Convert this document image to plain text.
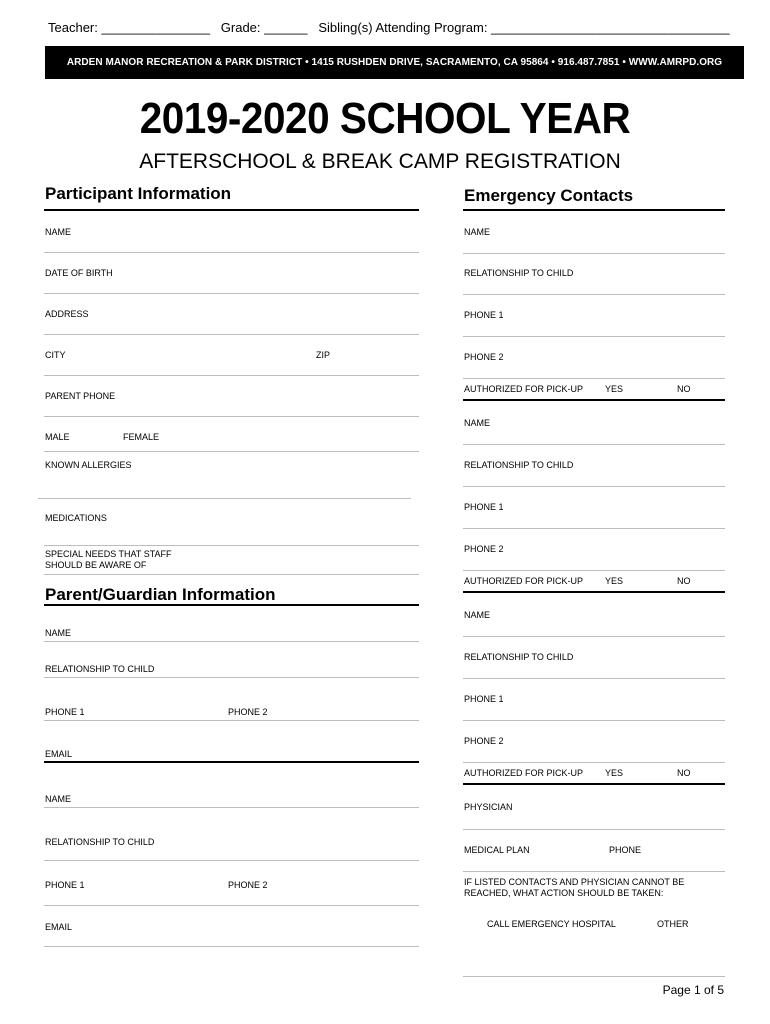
Teacher: _______________ Grade: ______ Sibling(s) Attending Program: _________________________________
ARDEN MANOR RECREATION & PARK DISTRICT • 1415 RUSHDEN DRIVE, SACRAMENTO, CA 95864 • 916.487.7851 • WWW.AMRPD.ORG
2019-2020 SCHOOL YEAR
AFTERSCHOOL & BREAK CAMP REGISTRATION
Participant Information
NAME
DATE OF BIRTH
ADDRESS
CITY	ZIP
PARENT PHONE
MALE	FEMALE
KNOWN ALLERGIES
MEDICATIONS
SPECIAL NEEDS THAT STAFF SHOULD BE AWARE OF
Parent/Guardian Information
NAME
RELATIONSHIP TO CHILD
PHONE 1	PHONE 2
EMAIL
NAME
RELATIONSHIP TO CHILD
PHONE 1	PHONE 2
EMAIL
Emergency Contacts
NAME
RELATIONSHIP TO CHILD
PHONE 1
PHONE 2
AUTHORIZED FOR PICK-UP YES	NO
NAME
RELATIONSHIP TO CHILD
PHONE 1
PHONE 2
AUTHORIZED FOR PICK-UP YES	NO
NAME
RELATIONSHIP TO CHILD
PHONE 1
PHONE 2
AUTHORIZED FOR PICK-UP YES	NO
PHYSICIAN
MEDICAL PLAN	PHONE
IF LISTED CONTACTS AND PHYSICIAN CANNOT BE REACHED, WHAT ACTION SHOULD BE TAKEN:
CALL EMERGENCY HOSPITAL	OTHER
Page 1 of 5
